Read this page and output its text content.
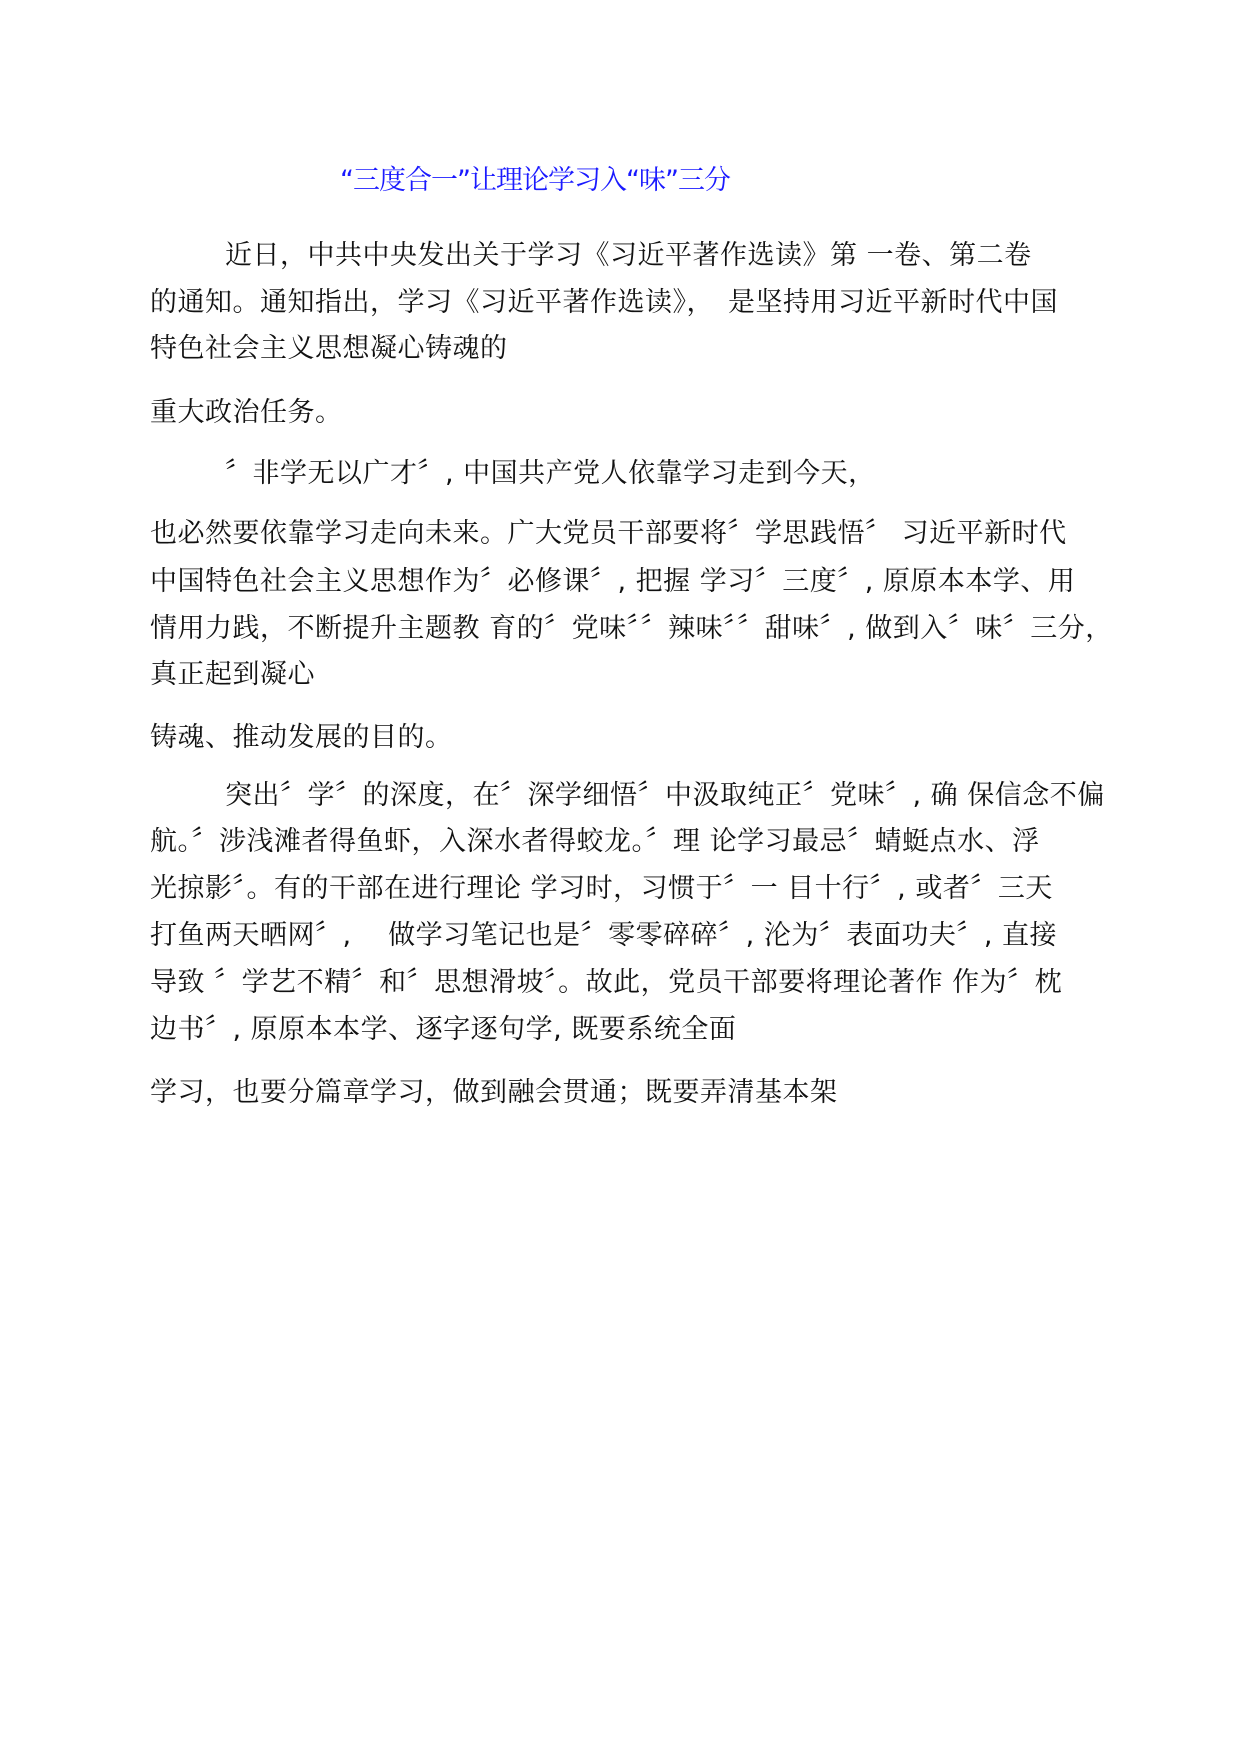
“三度合一”让理论学习入“味”三分
近日，中共中央发出关于学习《习近平著作选读》第 一卷、第二卷
的通知。通知指出，学习《习近平著作选读》，　是坚持用习近平新时代中国
特色社会主义思想凝心铸魂的
重大政治任务。
〞非学无以广才〞, 中国共产党人依靠学习走到今天，
也必然要依靠学习走向未来。广大党员干部要将〞学思践悟〞 习近平新时代
中国特色社会主义思想作为〞必修课〞, 把握 学习〞三度〞, 原原本本学、用
情用力践，不断提升主题教 育的〞党味〞〞辣味〞〞甜味〞, 做到入〞味〞三分，
真正起到凝心
铸魂、推动发展的目的。
突出〞学〞的深度，在〞深学细悟〞中汲取纯正〞党味〞, 确 保信念不偏
航。〞涉浅滩者得鱼虾，入深水者得蛟龙。〞理 论学习最忌〞蜻蜓点水、浮
光掠影〞。有的干部在进行理论 学习时，习惯于〞一 目十行〞, 或者〞三天
打鱼两天晒网〞,　 做学习笔记也是〞零零碎碎〞, 沦为〞表面功夫〞, 直接
导致 〞学艺不精〞和〞思想滑坡〞。故此，党员干部要将理论著作 作为〞枕
边书〞, 原原本本学、逐字逐句学, 既要系统全面
学习，也要分篇章学习，做到融会贯通；既要弄清基本架
